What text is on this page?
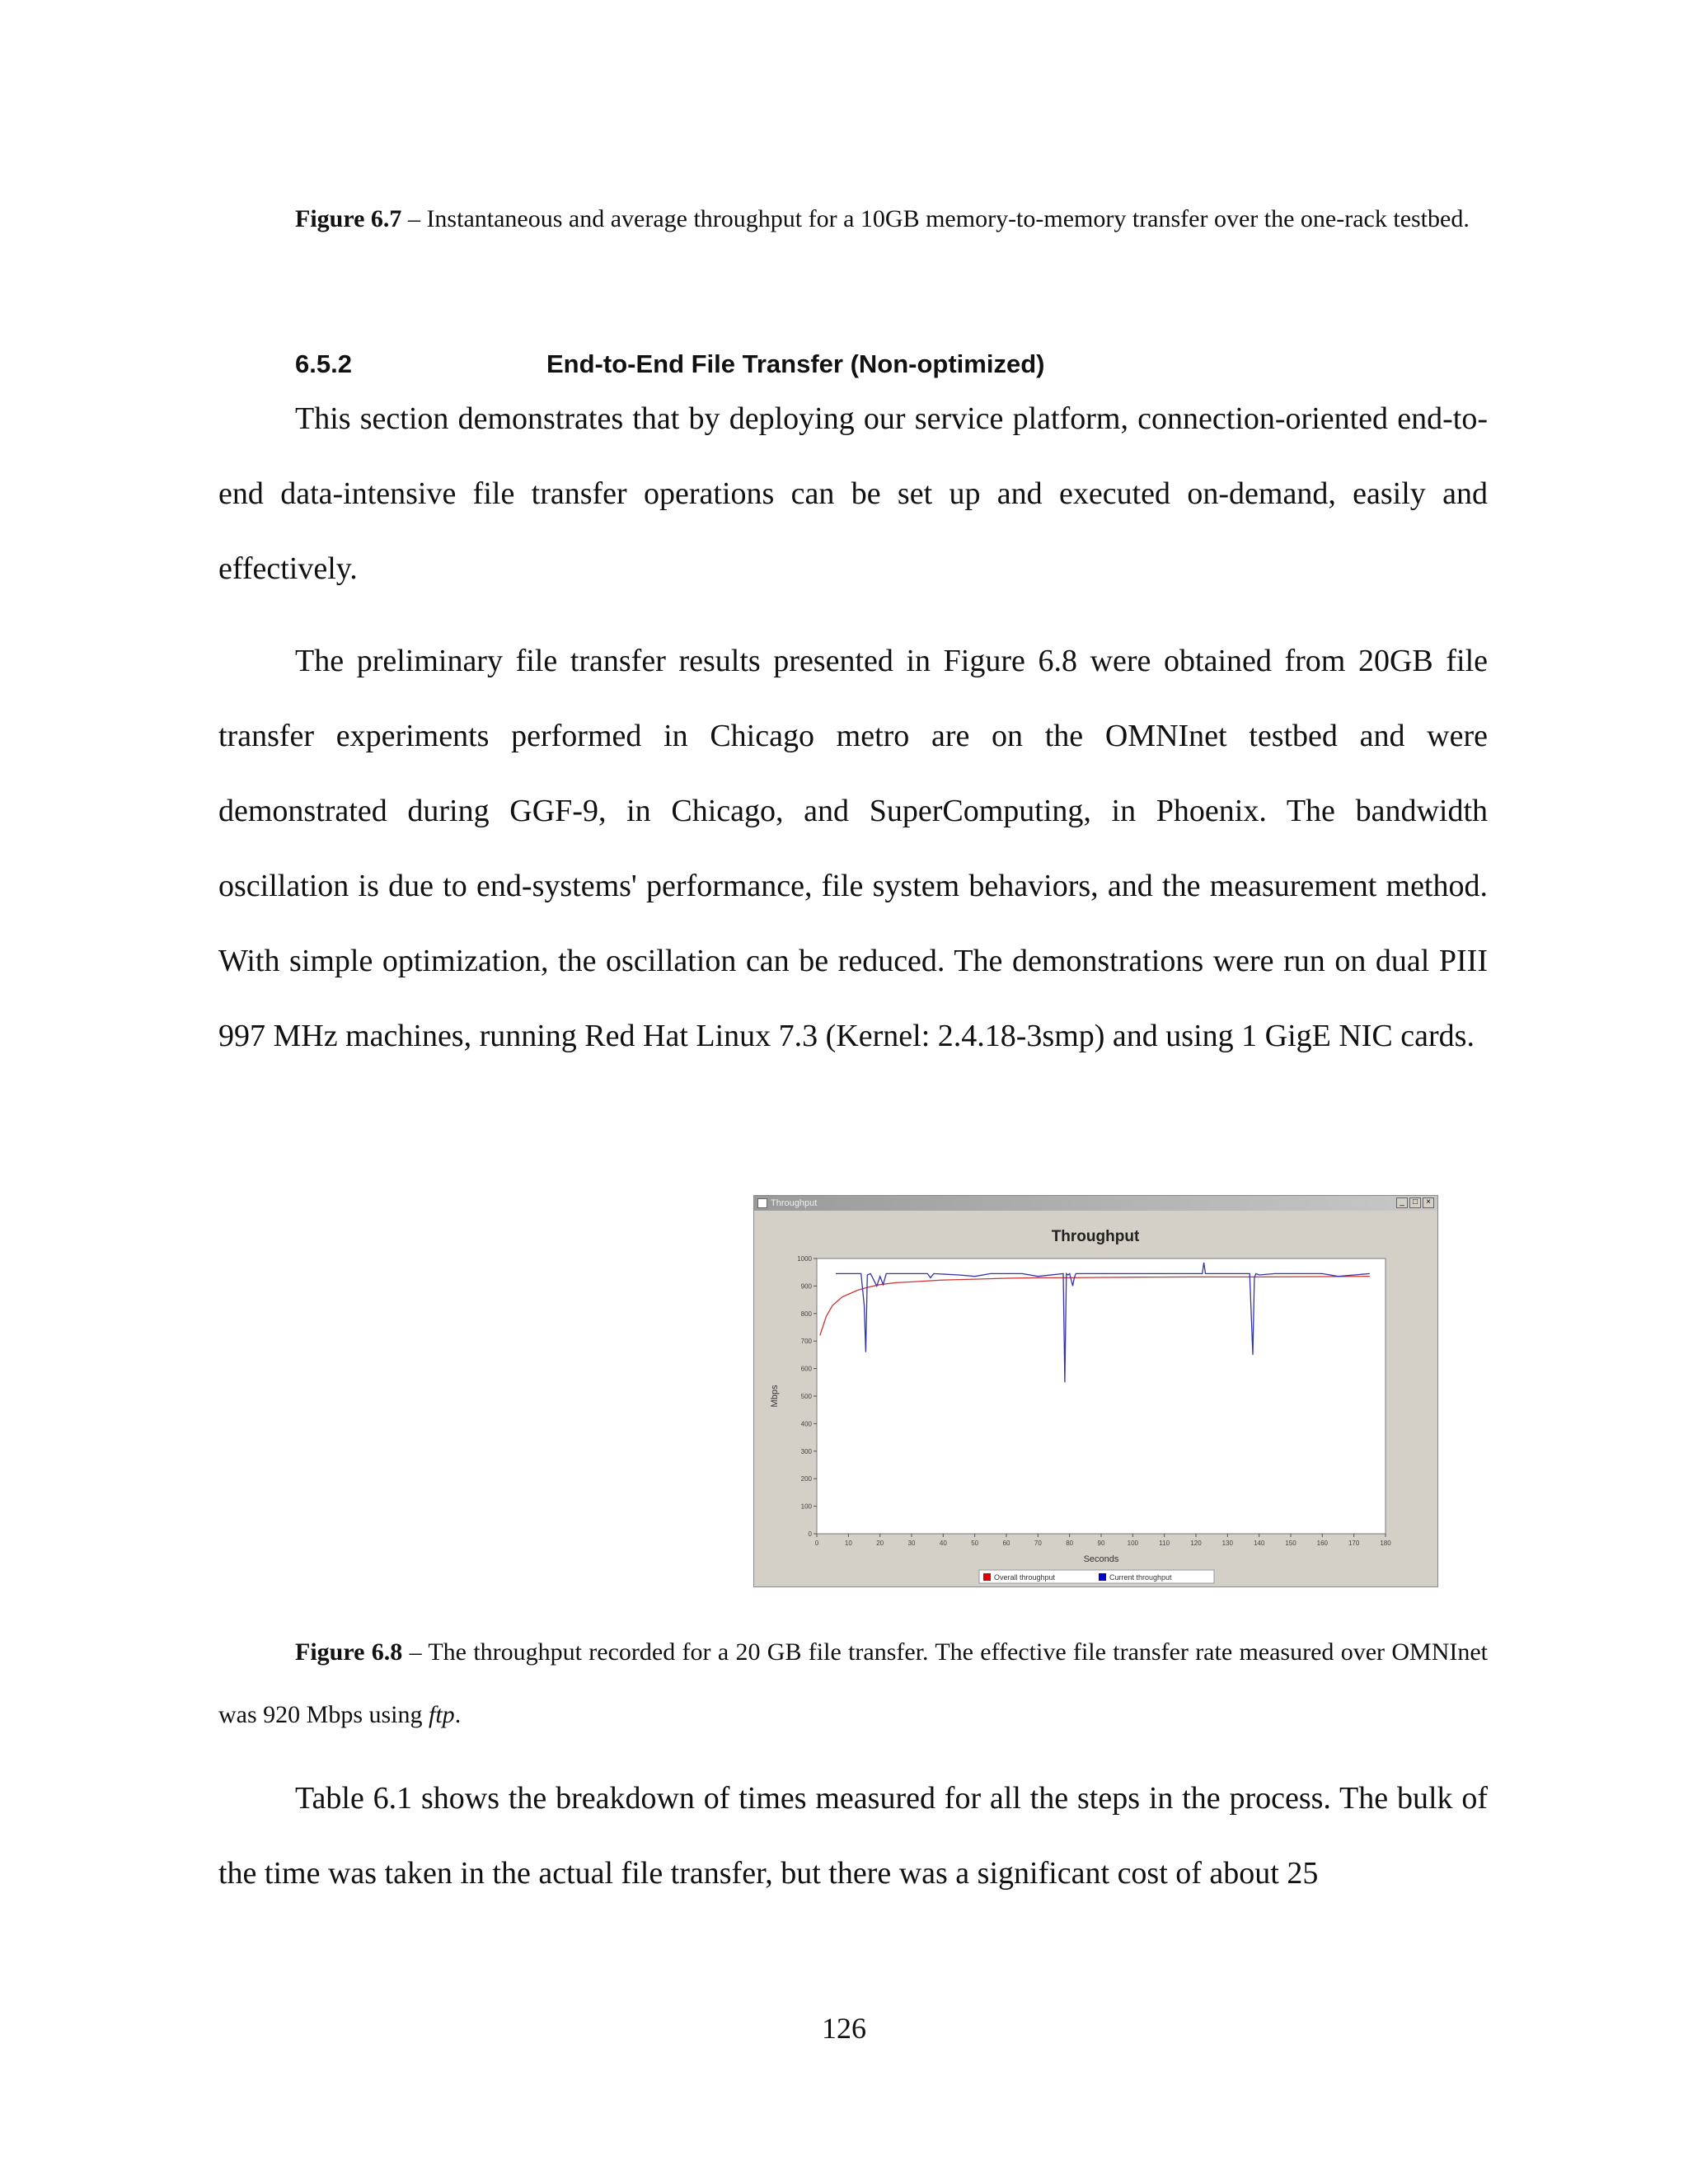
Figure 6.7 – Instantaneous and average throughput for a 10GB memory-to-memory transfer over the one-rack testbed.
6.5.2	End-to-End File Transfer (Non-optimized)
This section demonstrates that by deploying our service platform, connection-oriented end-to-end data-intensive file transfer operations can be set up and executed on-demand, easily and effectively.
The preliminary file transfer results presented in Figure 6.8 were obtained from 20GB file transfer experiments performed in Chicago metro are on the OMNInet testbed and were demonstrated during GGF-9, in Chicago, and SuperComputing, in Phoenix. The bandwidth oscillation is due to end-systems' performance, file system behaviors, and the measurement method. With simple optimization, the oscillation can be reduced. The demonstrations were run on dual PIII 997 MHz machines, running Red Hat Linux 7.3 (Kernel: 2.4.18-3smp) and using 1 GigE NIC cards.
Throughput	_	□	×
Throughput
Seconds
Mbps
0
100
200
300
400
500
600
700
800
900
1000
0	10	20	30	40	50	60	70	80	90	100	110	120	130	140	150	160	170	180
Overall throughput	Current throughput
Figure 6.8 – The throughput recorded for a 20 GB file transfer. The effective file transfer rate measured over OMNInet was 920 Mbps using ftp.
Table 6.1 shows the breakdown of times measured for all the steps in the process. The bulk of the time was taken in the actual file transfer, but there was a significant cost of about 25
126
